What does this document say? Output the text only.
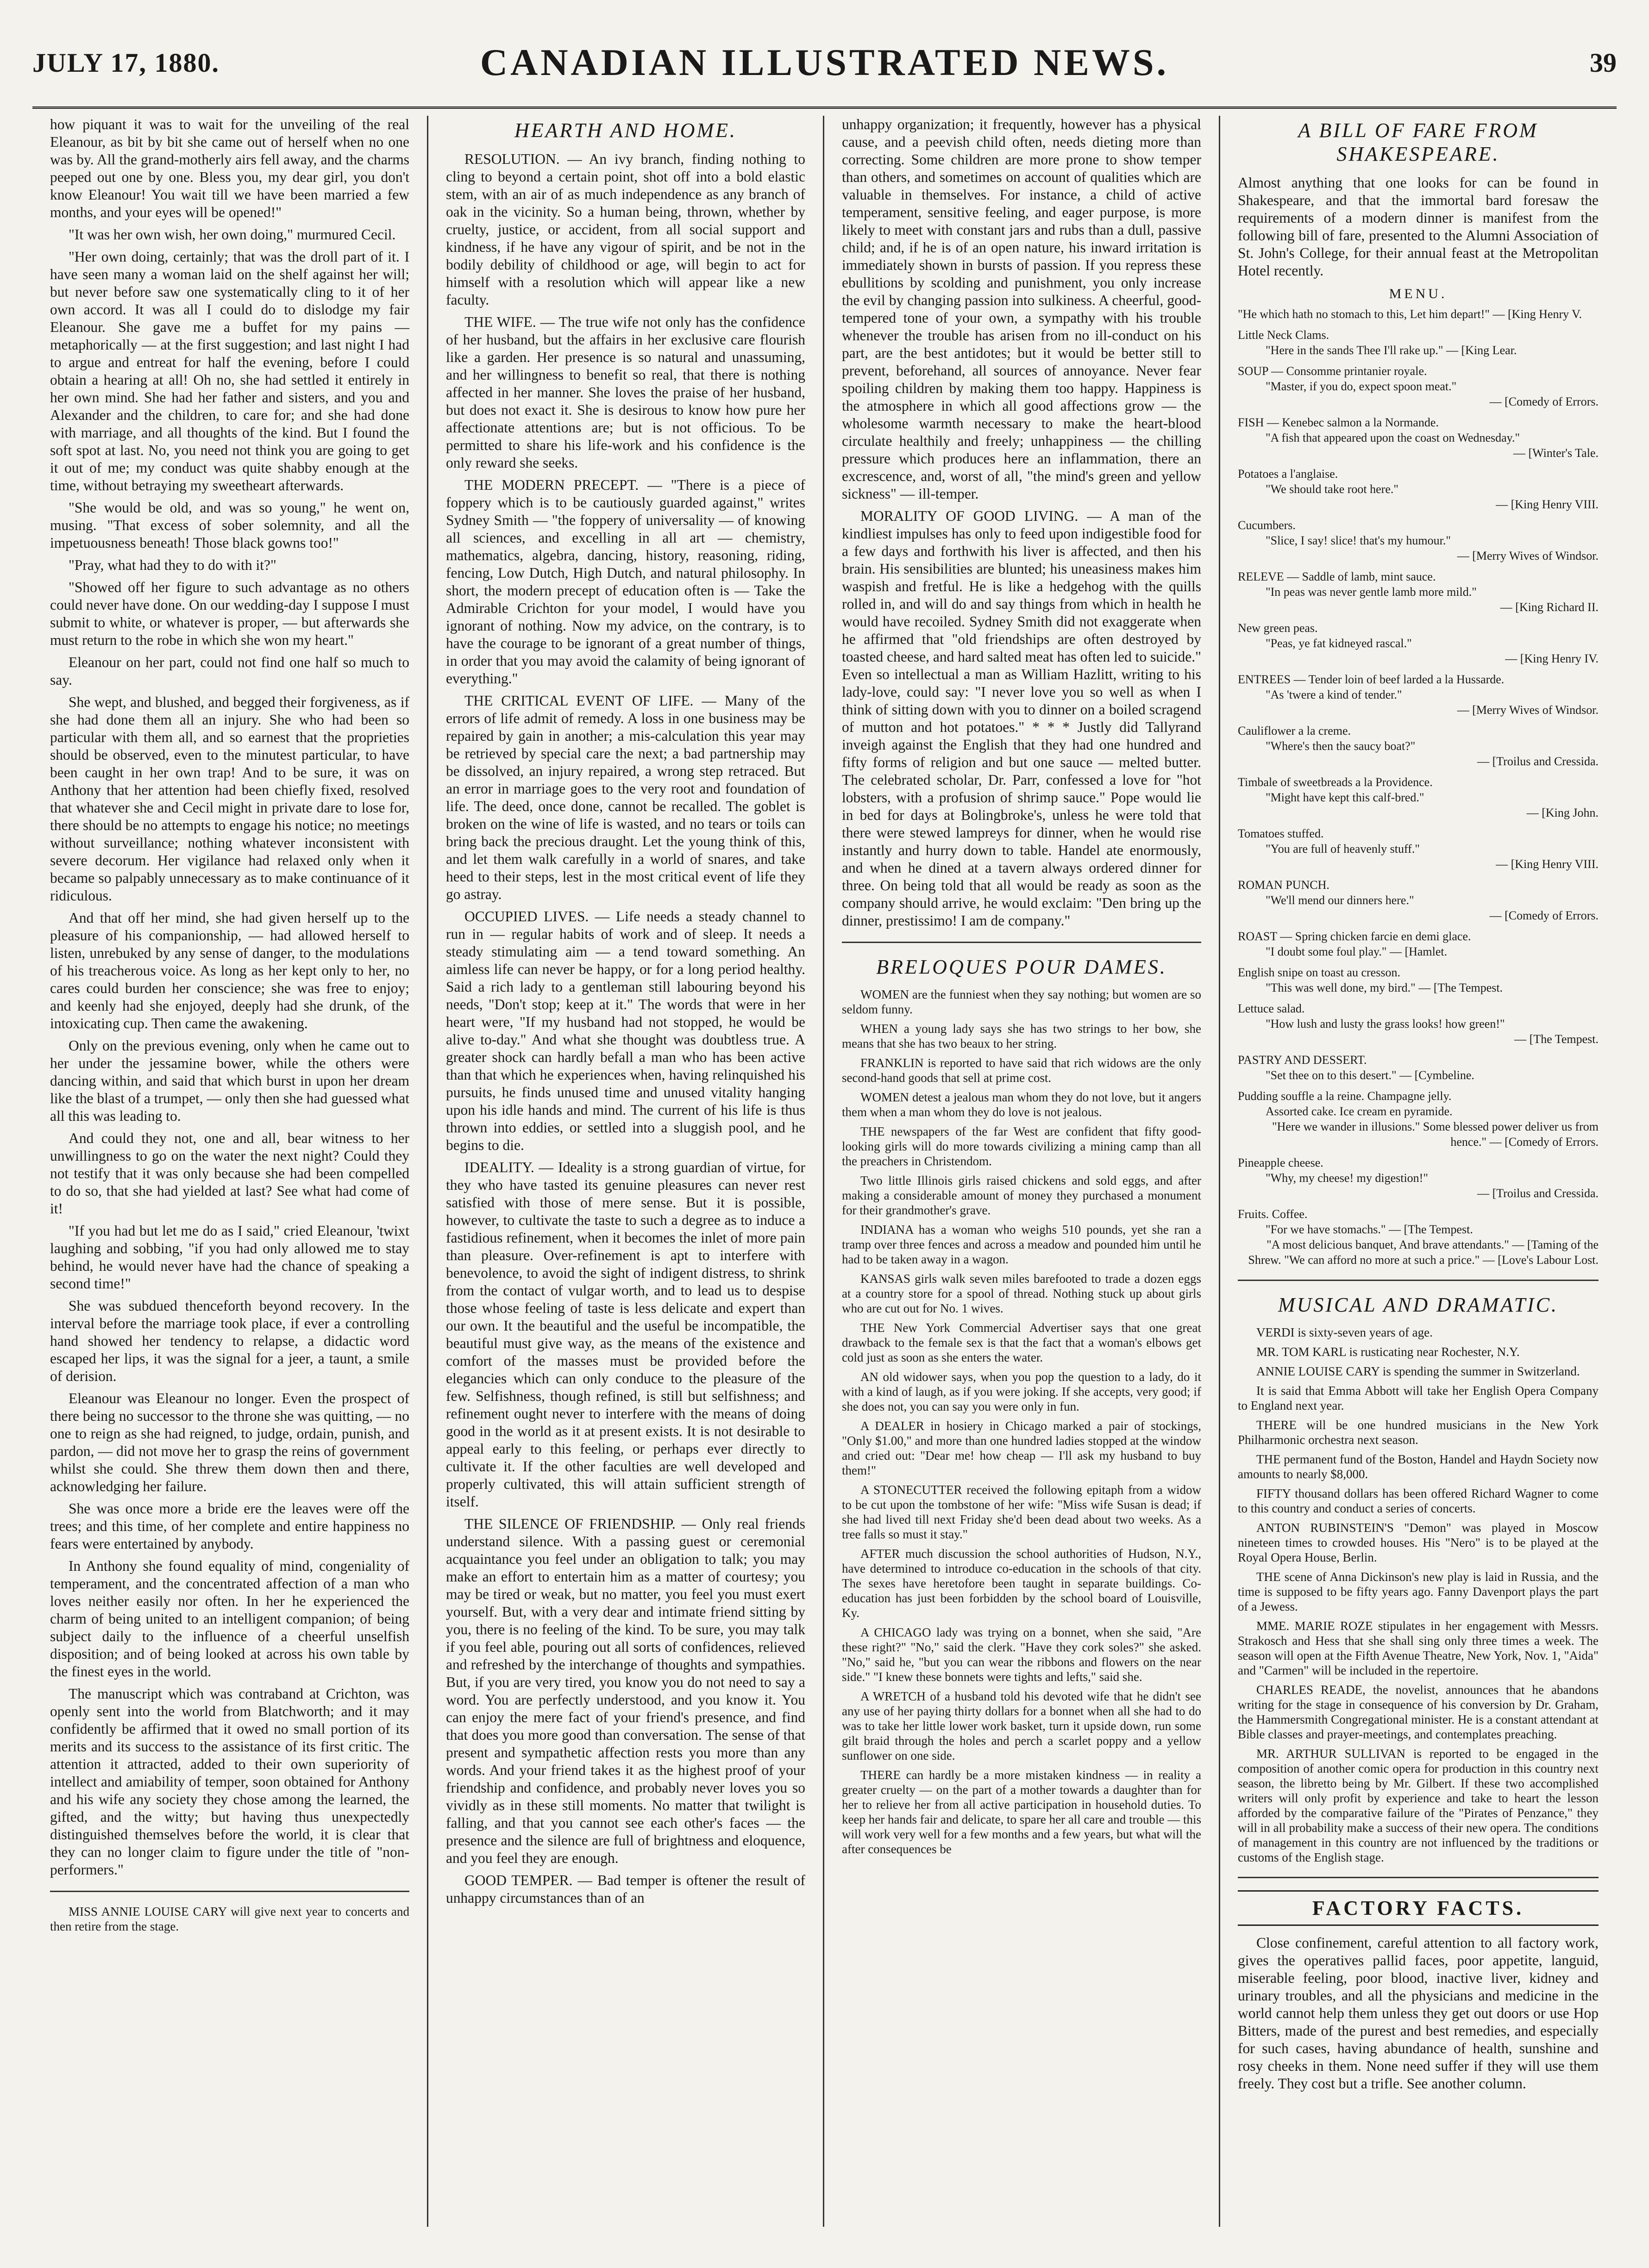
JULY 17, 1880.	CANADIAN ILLUSTRATED NEWS.	39

how piquant it was to wait for the unveiling of the real Eleanour, as bit by bit she came out of herself when no one was by. All the grand-motherly airs fell away, and the charms peeped out one by one. Bless you, my dear girl, you don't know Eleanour! You wait till we have been married a few months, and your eyes will be opened!"

"It was her own wish, her own doing," murmured Cecil.

"Her own doing, certainly; that was the droll part of it. I have seen many a woman laid on the shelf against her will; but never before saw one systematically cling to it of her own accord. It was all I could do to dislodge my fair Eleanour. She gave me a buffet for my pains — metaphorically — at the first suggestion; and last night I had to argue and entreat for half the evening, before I could obtain a hearing at all! Oh no, she had settled it entirely in her own mind. She had her father and sisters, and you and Alexander and the children, to care for; and she had done with marriage, and all thoughts of the kind. But I found the soft spot at last. No, you need not think you are going to get it out of me; my conduct was quite shabby enough at the time, without betraying my sweetheart afterwards.

"She would be old, and was so young," he went on, musing. "That excess of sober solemnity, and all the impetuousness beneath! Those black gowns too!"

"Pray, what had they to do with it?"

"Showed off her figure to such advantage as no others could never have done. On our wedding-day I suppose I must submit to white, or whatever is proper, — but afterwards she must return to the robe in which she won my heart."

Eleanour on her part, could not find one half so much to say.

She wept, and blushed, and begged their forgiveness, as if she had done them all an injury. She who had been so particular with them all, and so earnest that the proprieties should be observed, even to the minutest particular, to have been caught in her own trap! And to be sure, it was on Anthony that her attention had been chiefly fixed, resolved that whatever she and Cecil might in private dare to lose for, there should be no attempts to engage his notice; no meetings without surveillance; nothing whatever inconsistent with severe decorum. Her vigilance had relaxed only when it became so palpably unnecessary as to make continuance of it ridiculous.

And that off her mind, she had given herself up to the pleasure of his companionship, — had allowed herself to listen, unrebuked by any sense of danger, to the modulations of his treacherous voice. As long as her kept only to her, no cares could burden her conscience; she was free to enjoy; and keenly had she enjoyed, deeply had she drunk, of the intoxicating cup. Then came the awakening.

Only on the previous evening, only when he came out to her under the jessamine bower, while the others were dancing within, and said that which burst in upon her dream like the blast of a trumpet, — only then she had guessed what all this was leading to.

And could they not, one and all, bear witness to her unwillingness to go on the water the next night? Could they not testify that it was only because she had been compelled to do so, that she had yielded at last? See what had come of it!

"If you had but let me do as I said," cried Eleanour, 'twixt laughing and sobbing, "if you had only allowed me to stay behind, he would never have had the chance of speaking a second time!"

She was subdued thenceforth beyond recovery. In the interval before the marriage took place, if ever a controlling hand showed her tendency to relapse, a didactic word escaped her lips, it was the signal for a jeer, a taunt, a smile of derision.

Eleanour was Eleanour no longer. Even the prospect of there being no successor to the throne she was quitting, — no one to reign as she had reigned, to judge, ordain, punish, and pardon, — did not move her to grasp the reins of government whilst she could. She threw them down then and there, acknowledging her failure.

She was once more a bride ere the leaves were off the trees; and this time, of her complete and entire happiness no fears were entertained by anybody.

In Anthony she found equality of mind, congeniality of temperament, and the concentrated affection of a man who loves neither easily nor often. In her he experienced the charm of being united to an intelligent companion; of being subject daily to the influence of a cheerful unselfish disposition; and of being looked at across his own table by the finest eyes in the world.

The manuscript which was contraband at Crichton, was openly sent into the world from Blatchworth; and it may confidently be affirmed that it owed no small portion of its merits and its success to the assistance of its first critic. The attention it attracted, added to their own superiority of intellect and amiability of temper, soon obtained for Anthony and his wife any society they chose among the learned, the gifted, and the witty; but having thus unexpectedly distinguished themselves before the world, it is clear that they can no longer claim to figure under the title of "non-performers."

MISS ANNIE LOUISE CARY will give next year to concerts and then retire from the stage.

HEARTH AND HOME.

RESOLUTION. — An ivy branch, finding nothing to cling to beyond a certain point, shot off into a bold elastic stem, with an air of as much independence as any branch of oak in the vicinity. So a human being, thrown, whether by cruelty, justice, or accident, from all social support and kindness, if he have any vigour of spirit, and be not in the bodily debility of childhood or age, will begin to act for himself with a resolution which will appear like a new faculty.

THE WIFE. — The true wife not only has the confidence of her husband, but the affairs in her exclusive care flourish like a garden. Her presence is so natural and unassuming, and her willingness to benefit so real, that there is nothing affected in her manner. She loves the praise of her husband, but does not exact it. She is desirous to know how pure her affectionate attentions are; but is not officious. To be permitted to share his life-work and his confidence is the only reward she seeks.

THE MODERN PRECEPT. — "There is a piece of foppery which is to be cautiously guarded against," writes Sydney Smith — "the foppery of universality — of knowing all sciences, and excelling in all art — chemistry, mathematics, algebra, dancing, history, reasoning, riding, fencing, Low Dutch, High Dutch, and natural philosophy. In short, the modern precept of education often is — Take the Admirable Crichton for your model, I would have you ignorant of nothing. Now my advice, on the contrary, is to have the courage to be ignorant of a great number of things, in order that you may avoid the calamity of being ignorant of everything."

THE CRITICAL EVENT OF LIFE. — Many of the errors of life admit of remedy. A loss in one business may be repaired by gain in another; a mis-calculation this year may be retrieved by special care the next; a bad partnership may be dissolved, an injury repaired, a wrong step retraced. But an error in marriage goes to the very root and foundation of life. The deed, once done, cannot be recalled. The goblet is broken on the wine of life is wasted, and no tears or toils can bring back the precious draught. Let the young think of this, and let them walk carefully in a world of snares, and take heed to their steps, lest in the most critical event of life they go astray.

OCCUPIED LIVES. — Life needs a steady channel to run in — regular habits of work and of sleep. It needs a steady stimulating aim — a tend toward something. An aimless life can never be happy, or for a long period healthy. Said a rich lady to a gentleman still labouring beyond his needs, "Don't stop; keep at it." The words that were in her heart were, "If my husband had not stopped, he would be alive to-day." And what she thought was doubtless true. A greater shock can hardly befall a man who has been active than that which he experiences when, having relinquished his pursuits, he finds unused time and unused vitality hanging upon his idle hands and mind. The current of his life is thus thrown into eddies, or settled into a sluggish pool, and he begins to die.

IDEALITY. — Ideality is a strong guardian of virtue, for they who have tasted its genuine pleasures can never rest satisfied with those of mere sense. But it is possible, however, to cultivate the taste to such a degree as to induce a fastidious refinement, when it becomes the inlet of more pain than pleasure. Over-refinement is apt to interfere with benevolence, to avoid the sight of indigent distress, to shrink from the contact of vulgar worth, and to lead us to despise those whose feeling of taste is less delicate and expert than our own. It the beautiful and the useful be incompatible, the beautiful must give way, as the means of the existence and comfort of the masses must be provided before the elegancies which can only conduce to the pleasure of the few. Selfishness, though refined, is still but selfishness; and refinement ought never to interfere with the means of doing good in the world as it at present exists. It is not desirable to appeal early to this feeling, or perhaps ever directly to cultivate it. If the other faculties are well developed and properly cultivated, this will attain sufficient strength of itself.

THE SILENCE OF FRIENDSHIP. — Only real friends understand silence. With a passing guest or ceremonial acquaintance you feel under an obligation to talk; you may make an effort to entertain him as a matter of courtesy; you may be tired or weak, but no matter, you feel you must exert yourself. But, with a very dear and intimate friend sitting by you, there is no feeling of the kind. To be sure, you may talk if you feel able, pouring out all sorts of confidences, relieved and refreshed by the interchange of thoughts and sympathies. But, if you are very tired, you know you do not need to say a word. You are perfectly understood, and you know it. You can enjoy the mere fact of your friend's presence, and find that does you more good than conversation. The sense of that present and sympathetic affection rests you more than any words. And your friend takes it as the highest proof of your friendship and confidence, and probably never loves you so vividly as in these still moments. No matter that twilight is falling, and that you cannot see each other's faces — the presence and the silence are full of brightness and eloquence, and you feel they are enough.

GOOD TEMPER. — Bad temper is oftener the result of unhappy circumstances than of an

unhappy organization; it frequently, however has a physical cause, and a peevish child often, needs dieting more than correcting. Some children are more prone to show temper than others, and sometimes on account of qualities which are valuable in themselves. For instance, a child of active temperament, sensitive feeling, and eager purpose, is more likely to meet with constant jars and rubs than a dull, passive child; and, if he is of an open nature, his inward irritation is immediately shown in bursts of passion. If you repress these ebullitions by scolding and punishment, you only increase the evil by changing passion into sulkiness. A cheerful, good-tempered tone of your own, a sympathy with his trouble whenever the trouble has arisen from no ill-conduct on his part, are the best antidotes; but it would be better still to prevent, beforehand, all sources of annoyance. Never fear spoiling children by making them too happy. Happiness is the atmosphere in which all good affections grow — the wholesome warmth necessary to make the heart-blood circulate healthily and freely; unhappiness — the chilling pressure which produces here an inflammation, there an excrescence, and, worst of all, "the mind's green and yellow sickness" — ill-temper.

MORALITY OF GOOD LIVING. — A man of the kindliest impulses has only to feed upon indigestible food for a few days and forthwith his liver is affected, and then his brain. His sensibilities are blunted; his uneasiness makes him waspish and fretful. He is like a hedgehog with the quills rolled in, and will do and say things from which in health he would have recoiled. Sydney Smith did not exaggerate when he affirmed that "old friendships are often destroyed by toasted cheese, and hard salted meat has often led to suicide." Even so intellectual a man as William Hazlitt, writing to his lady-love, could say: "I never love you so well as when I think of sitting down with you to dinner on a boiled scragend of mutton and hot potatoes." * * * Justly did Tallyrand inveigh against the English that they had one hundred and fifty forms of religion and but one sauce — melted butter. The celebrated scholar, Dr. Parr, confessed a love for "hot lobsters, with a profusion of shrimp sauce." Pope would lie in bed for days at Bolingbroke's, unless he were told that there were stewed lampreys for dinner, when he would rise instantly and hurry down to table. Handel ate enormously, and when he dined at a tavern always ordered dinner for three. On being told that all would be ready as soon as the company should arrive, he would exclaim: "Den bring up the dinner, prestissimo! I am de company."

BRELOQUES POUR DAMES.

WOMEN are the funniest when they say nothing; but women are so seldom funny.

WHEN a young lady says she has two strings to her bow, she means that she has two beaux to her string.

FRANKLIN is reported to have said that rich widows are the only second-hand goods that sell at prime cost.

WOMEN detest a jealous man whom they do not love, but it angers them when a man whom they do love is not jealous.

THE newspapers of the far West are confident that fifty good-looking girls will do more towards civilizing a mining camp than all the preachers in Christendom.

Two little Illinois girls raised chickens and sold eggs, and after making a considerable amount of money they purchased a monument for their grandmother's grave.

INDIANA has a woman who weighs 510 pounds, yet she ran a tramp over three fences and across a meadow and pounded him until he had to be taken away in a wagon.

KANSAS girls walk seven miles barefooted to trade a dozen eggs at a country store for a spool of thread. Nothing stuck up about girls who are cut out for No. 1 wives.

THE New York Commercial Advertiser says that one great drawback to the female sex is that the fact that a woman's elbows get cold just as soon as she enters the water.

AN old widower says, when you pop the question to a lady, do it with a kind of laugh, as if you were joking. If she accepts, very good; if she does not, you can say you were only in fun.

A DEALER in hosiery in Chicago marked a pair of stockings, "Only $1.00," and more than one hundred ladies stopped at the window and cried out: "Dear me! how cheap — I'll ask my husband to buy them!"

A STONECUTTER received the following epitaph from a widow to be cut upon the tombstone of her wife: "Miss wife Susan is dead; if she had lived till next Friday she'd been dead about two weeks. As a tree falls so must it stay."

AFTER much discussion the school authorities of Hudson, N.Y., have determined to introduce co-education in the schools of that city. The sexes have heretofore been taught in separate buildings. Co-education has just been forbidden by the school board of Louisville, Ky.

A CHICAGO lady was trying on a bonnet, when she said, "Are these right?" "No," said the clerk. "Have they cork soles?" she asked. "No," said he, "but you can wear the ribbons and flowers on the near side." "I knew these bonnets were tights and lefts," said she.

A WRETCH of a husband told his devoted wife that he didn't see any use of her paying thirty dollars for a bonnet when all she had to do was to take her little lower work basket, turn it upside down, run some gilt braid through the holes and perch a scarlet poppy and a yellow sunflower on one side.

THERE can hardly be a more mistaken kindness — in reality a greater cruelty — on the part of a mother towards a daughter than for her to relieve her from all active participation in household duties. To keep her hands fair and delicate, to spare her all care and trouble — this will work very well for a few months and a few years, but what will the after consequences be

A BILL OF FARE FROM SHAKESPEARE.

Almost anything that one looks for can be found in Shakespeare, and that the immortal bard foresaw the requirements of a modern dinner is manifest from the following bill of fare, presented to the Alumni Association of St. John's College, for their annual feast at the Metropolitan Hotel recently.

MENU.
"He which hath no stomach to this, Let him depart!" — [King Henry V.
Little Neck Clams.
"Here in the sands Thee I'll rake up." — [King Lear.
SOUP — Consomme printanier royale.
"Master, if you do, expect spoon meat."
— [Comedy of Errors.
FISH — Kenebec salmon a la Normande.
"A fish that appeared upon the coast on Wednesday."
— [Winter's Tale.
Potatoes a l'anglaise.
"We should take root here."
— [King Henry VIII.
Cucumbers.
"Slice, I say! slice! that's my humour."
— [Merry Wives of Windsor.
RELEVE — Saddle of lamb, mint sauce.
"In peas was never gentle lamb more mild."
— [King Richard II.
New green peas.
"Peas, ye fat kidneyed rascal."
— [King Henry IV.
ENTREES — Tender loin of beef larded a la Hussarde.
"As 'twere a kind of tender."
— [Merry Wives of Windsor.
Cauliflower a la creme.
"Where's then the saucy boat?"
— [Troilus and Cressida.
Timbale of sweetbreads a la Providence.
"Might have kept this calf-bred."
— [King John.
Tomatoes stuffed.
"You are full of heavenly stuff."
— [King Henry VIII.
ROMAN PUNCH.
"We'll mend our dinners here."
— [Comedy of Errors.
ROAST — Spring chicken farcie en demi glace.
"I doubt some foul play." — [Hamlet.
English snipe on toast au cresson.
"This was well done, my bird." — [The Tempest.
Lettuce salad.
"How lush and lusty the grass looks! how green!"
— [The Tempest.
PASTRY AND DESSERT.
"Set thee on to this desert." — [Cymbeline.
Pudding souffle a la reine. Champagne jelly.
Assorted cake. Ice cream en pyramide.
"Here we wander in illusions." Some blessed power deliver us from hence." — [Comedy of Errors.
Pineapple cheese.
"Why, my cheese! my digestion!"
— [Troilus and Cressida.
Fruits. Coffee.
"For we have stomachs." — [The Tempest.
"A most delicious banquet, And brave attendants." — [Taming of the Shrew. "We can afford no more at such a price." — [Love's Labour Lost.
MUSICAL AND DRAMATIC.

VERDI is sixty-seven years of age.

MR. TOM KARL is rusticating near Rochester, N.Y.

ANNIE LOUISE CARY is spending the summer in Switzerland.

It is said that Emma Abbott will take her English Opera Company to England next year.

THERE will be one hundred musicians in the New York Philharmonic orchestra next season.

THE permanent fund of the Boston, Handel and Haydn Society now amounts to nearly $8,000.

FIFTY thousand dollars has been offered Richard Wagner to come to this country and conduct a series of concerts.

ANTON RUBINSTEIN'S "Demon" was played in Moscow nineteen times to crowded houses. His "Nero" is to be played at the Royal Opera House, Berlin.

THE scene of Anna Dickinson's new play is laid in Russia, and the time is supposed to be fifty years ago. Fanny Davenport plays the part of a Jewess.

MME. MARIE ROZE stipulates in her engagement with Messrs. Strakosch and Hess that she shall sing only three times a week. The season will open at the Fifth Avenue Theatre, New York, Nov. 1, "Aida" and "Carmen" will be included in the repertoire.

CHARLES READE, the novelist, announces that he abandons writing for the stage in consequence of his conversion by Dr. Graham, the Hammersmith Congregational minister. He is a constant attendant at Bible classes and prayer-meetings, and contemplates preaching.

MR. ARTHUR SULLIVAN is reported to be engaged in the composition of another comic opera for production in this country next season, the libretto being by Mr. Gilbert. If these two accomplished writers will only profit by experience and take to heart the lesson afforded by the comparative failure of the "Pirates of Penzance," they will in all probability make a success of their new opera. The conditions of management in this country are not influenced by the traditions or customs of the English stage.

FACTORY FACTS.

Close confinement, careful attention to all factory work, gives the operatives pallid faces, poor appetite, languid, miserable feeling, poor blood, inactive liver, kidney and urinary troubles, and all the physicians and medicine in the world cannot help them unless they get out doors or use Hop Bitters, made of the purest and best remedies, and especially for such cases, having abundance of health, sunshine and rosy cheeks in them. None need suffer if they will use them freely. They cost but a trifle. See another column.
